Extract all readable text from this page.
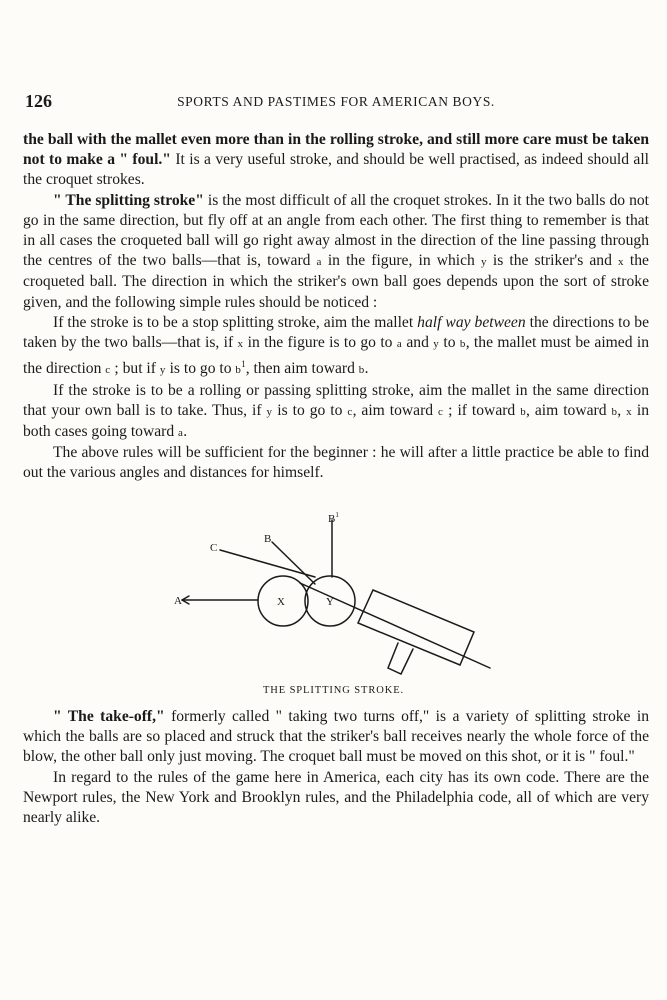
126	SPORTS AND PASTIMES FOR AMERICAN BOYS.

the ball with the mallet even more than in the rolling stroke, and still more care must be taken not to make a " foul." It is a very useful stroke, and should be well practised, as indeed should all the croquet strokes.

" The splitting stroke" is the most difficult of all the croquet strokes. In it the two balls do not go in the same direction, but fly off at an angle from each other. The first thing to remember is that in all cases the croqueted ball will go right away almost in the direction of the line passing through the centres of the two balls—that is, toward a in the figure, in which y is the striker's and x the croqueted ball. The direction in which the striker's own ball goes depends upon the sort of stroke given, and the following simple rules should be noticed :

If the stroke is to be a stop splitting stroke, aim the mallet half way between the directions to be taken by the two balls—that is, if x in the figure is to go to a and y to b, the mallet must be aimed in the direction c ; but if y is to go to $b^1$, then aim toward b.

If the stroke is to be a rolling or passing splitting stroke, aim the mallet in the same direction that your own ball is to take. Thus, if y is to go to c, aim toward c ; if toward b, aim toward b, x in both cases going toward a.

The above rules will be sufficient for the beginner : he will after a little practice be able to find out the various angles and distances for himself.

A
C
B
$B^1$
X	Y
THE SPLITTING STROKE.

" The take-off," formerly called " taking two turns off," is a variety of splitting stroke in which the balls are so placed and struck that the striker's ball receives nearly the whole force of the blow, the other ball only just moving. The croquet ball must be moved on this shot, or it is " foul."

In regard to the rules of the game here in America, each city has its own code. There are the Newport rules, the New York and Brooklyn rules, and the Philadelphia code, all of which are very nearly alike.
